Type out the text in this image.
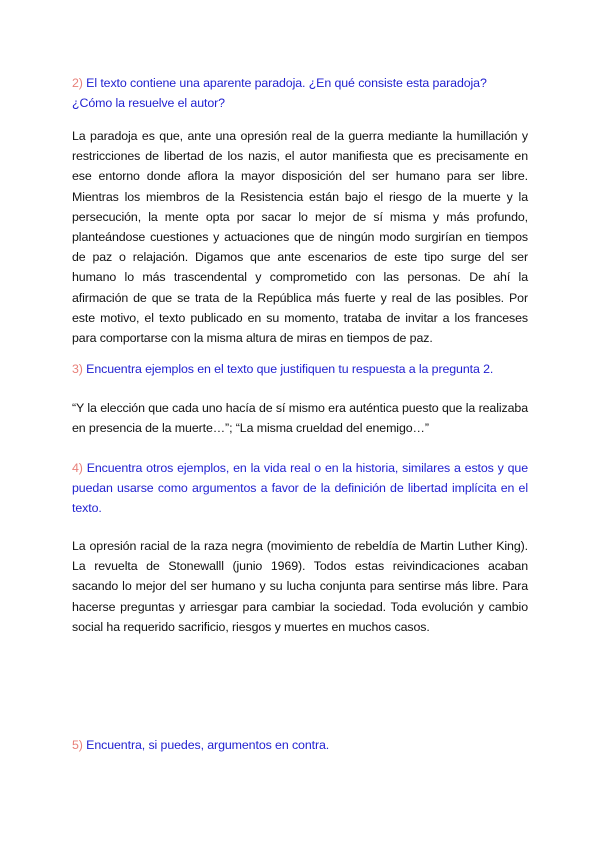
2) El texto contiene una aparente paradoja. ¿En qué consiste esta paradoja? ¿Cómo la resuelve el autor?
La paradoja es que, ante una opresión real de la guerra mediante la humillación y restricciones de libertad de los nazis, el autor manifiesta que es precisamente en ese entorno donde aflora la mayor disposición del ser humano para ser libre. Mientras los miembros de la Resistencia están bajo el riesgo de la muerte y la persecución, la mente opta por sacar lo mejor de sí misma y más profundo, planteándose cuestiones y actuaciones que de ningún modo surgirían en tiempos de paz o relajación. Digamos que ante escenarios de este tipo surge del ser humano lo más trascendental y comprometido con las personas. De ahí la afirmación de que se trata de la República más fuerte y real de las posibles. Por este motivo, el texto publicado en su momento, trataba de invitar a los franceses para comportarse con la misma altura de miras en tiempos de paz.
3) Encuentra ejemplos en el texto que justifiquen tu respuesta a la pregunta 2.
“Y la elección que cada uno hacía de sí mismo era auténtica puesto que la realizaba en presencia de la muerte…”; “La misma crueldad del enemigo…”
4) Encuentra otros ejemplos, en la vida real o en la historia, similares a estos y que puedan usarse como argumentos a favor de la definición de libertad implícita en el texto.
La opresión racial de la raza negra (movimiento de rebeldía de Martin Luther King). La revuelta de Stonewalll (junio 1969). Todos estas reivindicaciones acaban sacando lo mejor del ser humano y su lucha conjunta para sentirse más libre. Para hacerse preguntas y arriesgar para cambiar la sociedad. Toda evolución y cambio social ha requerido sacrificio, riesgos y muertes en muchos casos.
5) Encuentra, si puedes, argumentos en contra.
